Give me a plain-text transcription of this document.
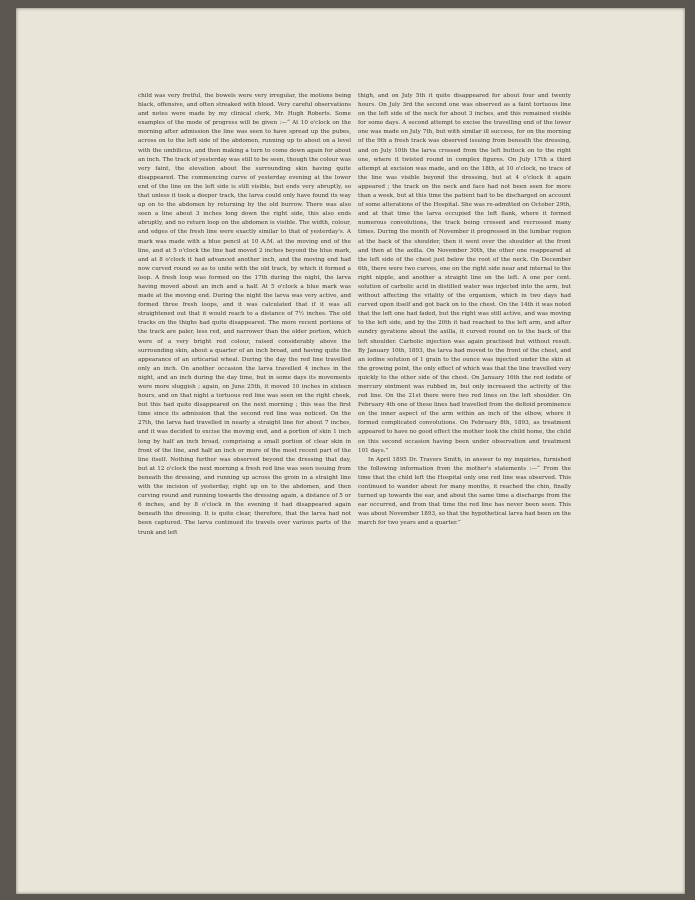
child was very fretful, the bowels were very irregular, the motions being black, offensive, and often streaked with blood. Very careful observations and notes were made by my clinical clerk, Mr. Hugh Roberts. Some examples of the mode of progress will be given :—“ At 10 o'clock on the morning after admission the line was seen to have spread up the pubes, across on to the left side of the abdomen, running up to about on a level with the umbilicus, and then making a turn to come down again for about an inch. The track of yesterday was still to be seen, though the colour was very faint, the elevation about the surrounding skin having quite disappeared. The commencing curve of yesterday evening at the lower end of the line on the left side is still visible, but ends very abruptly, so that unless it took a deeper track, the larva could only have found its way up on to the abdomen by returning by the old burrow. There was also seen a line about 3 inches long down the right side, this also ends abruptly, and no return loop on the abdomen is visible. The width, colour, and edges of the fresh line were exactly similar to that of yesterday's. A mark was made with a blue pencil at 10 A.M. at the moving end of the line, and at 5 o'clock the line had moved 2 inches beyond the blue mark, and at 8 o'clock it had advanced another inch, and the moving end had now curved round so as to unite with the old track, by which it formed a loop. A fresh loop was formed on the 17th during the night, the larva having moved about an inch and a half. At 5 o'clock a blue mark was made at the moving end. During the night the larva was very active, and formed three fresh loops, and it was calculated that if it was all straightened out that it would reach to a distance of 7½ inches. The old tracks on the thighs had quite disappeared. The more recent portions of the track are paler, less red, and narrower than the older portion, which were of a very bright red colour, raised considerably above the surrounding skin, about a quarter of an inch broad, and having quite the appearance of an urticarial wheal. During the day the red line travelled only an inch. On another occasion the larva travelled 4 inches in the night, and an inch during the day time, but in some days its movements were more sluggish ; again, on June 25th, it moved 10 inches in sixteen hours, and on that night a tortuous red line was seen on the right cheek, but this had quite disappeared on the next morning ; this was the first time since its admission that the second red line was noticed. On the 27th, the larva had travelled in nearly a straight line for about 7 inches, and it was decided to excise the moving end, and a portion of skin 1 inch long by half an inch broad, comprising a small portion of clear skin in front of the line, and half an inch or more of the most recent part of the line itself. Nothing further was observed beyond the dressing that day, but at 12 o'clock the next morning a fresh red line was seen issuing from beneath the dressing, and running up across the groin in a straight line with the incision of yesterday, right up on to the abdomen, and then curving round and running towards the dressing again, a distance of 5 or 6 inches, and by 8 o'clock in the evening it had disappeared again beneath the dressing. It is quite clear, therefore, that the larva had not been captured. The larva continued its travels over various parts of the trunk and left

thigh, and on July 5th it quite disappeared for about four and twenty hours. On July 3rd the second one was observed as a faint tortuous line on the left side of the neck for about 3 inches, and this remained visible for some days. A second attempt to excise the travelling end of the lower one was made on July 7th, but with similar ill success, for on the morning of the 9th a fresh track was observed issuing from beneath the dressing, and on July 10th the larva crossed from the left buttock on to the right one, where it twisted round in complex figures. On July 17th a third attempt at excision was made, and on the 18th, at 10 o'clock, no trace of the line was visible beyond the dressing, but at 4 o'clock it again appeared ; the track on the neck and face had not been seen for more than a week, but at this time the patient had to be discharged on account of some alterations of the Hospital. She was re-admitted on October 29th, and at that time the larva occupied the left flank, where it formed numerous convolutions, the track being crossed and recrossed many times. During the month of November it progressed in the lumbar region at the back of the shoulder, then it went over the shoulder at the front and then at the axilla. On November 30th, the other one reappeared at the left side of the chest just below the root of the neck. On December 6th, there were two curves, one on the right side near and internal to the right nipple, and another a straight line on the left. A one per cent. solution of carbolic acid in distilled water was injected into the arm, but without affecting the vitality of the organism, which in two days had curved upon itself and got back on to the chest. On the 14th it was noted that the left one had faded, but the right was still active, and was moving to the left side, and by the 20th it had reached to the left arm, and after sundry gyrations about the axilla, it curved round on to the back of the left shoulder. Carbolic injection was again practised but without result. By January 10th, 1893, the larva had moved to the front of the chest, and an iodine solution of 1 grain to the ounce was injected under the skin at the growing point, the only effect of which was that the line travelled very quickly to the other side of the chest. On January 16th the red iodide of mercury ointment was rubbed in, but only increased the activity of the red line. On the 21st there were two red lines on the left shoulder. On February 4th one of these lines had travelled from the deltoid prominence on the inner aspect of the arm within an inch of the elbow, where it formed complicated convolutions. On February 8th, 1893, as treatment appeared to have no good effect the mother took the child home, the child on this second occasion having been under observation and treatment 101 days.”

In April 1895 Dr. Travers Smith, in answer to my inquiries, furnished the following information from the mother's statements :—“ From the time that the child left the Hospital only one red line was observed. This continued to wander about for many months, it reached the chin, finally turned up towards the ear, and about the same time a discharge from the ear occurred, and from that time the red line has never been seen. This was about November 1893, so that the hypothetical larva had been on the march for two years and a quarter.”
